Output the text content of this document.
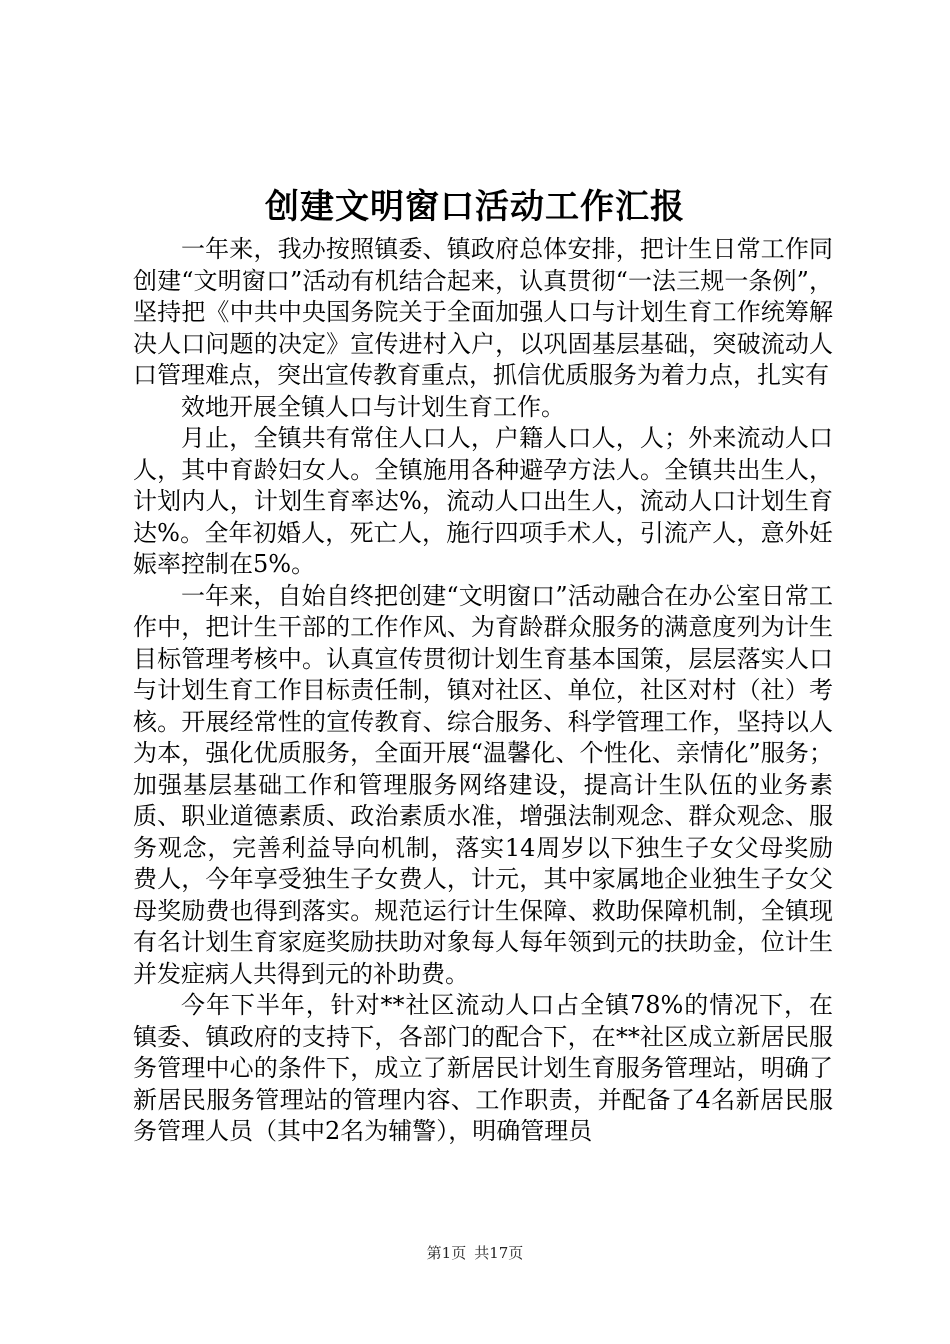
创建文明窗口活动工作汇报

一年来，我办按照镇委、镇政府总体安排，把计生日常工作同创建“文明窗口”活动有机结合起来，认真贯彻“一法三规一条例”，坚持把《中共中央国务院关于全面加强人口与计划生育工作统筹解决人口问题的决定》宣传进村入户，以巩固基层基础，突破流动人口管理难点，突出宣传教育重点，抓信优质服务为着力点，扎实有

效地开展全镇人口与计划生育工作。

月止，全镇共有常住人口人，户籍人口人，人；外来流动人口人，其中育龄妇女人。全镇施用各种避孕方法人。全镇共出生人，计划内人，计划生育率达%，流动人口出生人，流动人口计划生育达%。全年初婚人，死亡人，施行四项手术人，引流产人，意外妊娠率控制在5%。

一年来，自始自终把创建“文明窗口”活动融合在办公室日常工作中，把计生干部的工作作风、为育龄群众服务的满意度列为计生目标管理考核中。认真宣传贯彻计划生育基本国策，层层落实人口与计划生育工作目标责任制，镇对社区、单位，社区对村（社）考核。开展经常性的宣传教育、综合服务、科学管理工作，坚持以人为本，强化优质服务，全面开展“温馨化、个性化、亲情化”服务；加强基层基础工作和管理服务网络建设，提高计生队伍的业务素质、职业道德素质、政治素质水准，增强法制观念、群众观念、服务观念，完善利益导向机制，落实14周岁以下独生子女父母奖励费人，今年享受独生子女费人，计元，其中家属地企业独生子女父母奖励费也得到落实。规范运行计生保障、救助保障机制，全镇现有名计划生育家庭奖励扶助对象每人每年领到元的扶助金，位计生并发症病人共得到元的补助费。

今年下半年，针对**社区流动人口占全镇78%的情况下，在镇委、镇政府的支持下，各部门的配合下，在**社区成立新居民服务管理中心的条件下，成立了新居民计划生育服务管理站，明确了新居民服务管理站的管理内容、工作职责，并配备了4名新居民服务管理人员（其中2名为辅警），明确管理员

第1页 共17页
